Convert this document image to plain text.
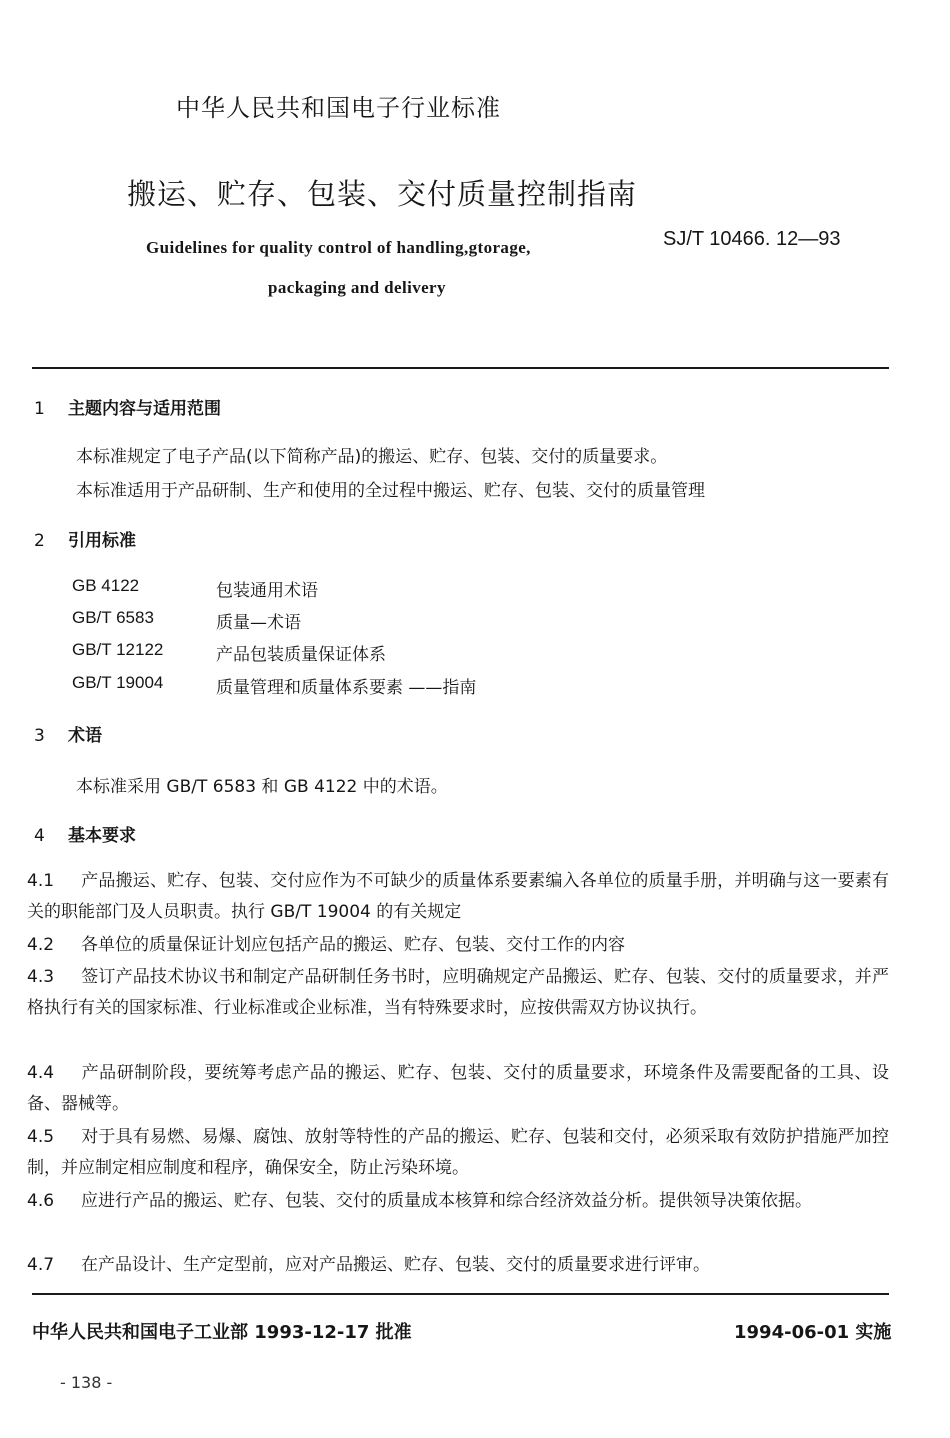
中华人民共和国电子行业标准
搬运、贮存、包装、交付质量控制指南
SJ/T 10466. 12—93
Guidelines for quality control of handling,gtorage,
packaging and delivery
1 主题内容与适用范围
本标准规定了电子产品(以下简称产品)的搬运、贮存、包装、交付的质量要求。
本标准适用于产品研制、生产和使用的全过程中搬运、贮存、包装、交付的质量管理
2 引用标准
GB 4122	包装通用术语
GB/T 6583	质量—术语
GB/T 12122	产品包装质量保证体系
GB/T 19004	质量管理和质量体系要素 ——指南
3 术语
本标准采用 GB/T 6583 和 GB 4122 中的术语。
4 基本要求
4.1 产品搬运、贮存、包装、交付应作为不可缺少的质量体系要素编入各单位的质量手册，并明确与这一要素有关的职能部门及人员职责。执行 GB/T 19004 的有关规定
4.2 各单位的质量保证计划应包括产品的搬运、贮存、包装、交付工作的内容
4.3 签订产品技术协议书和制定产品研制任务书时，应明确规定产品搬运、贮存、包装、交付的质量要求，并严格执行有关的国家标准、行业标准或企业标准，当有特殊要求时，应按供需双方协议执行。
4.4 产品研制阶段，要统筹考虑产品的搬运、贮存、包装、交付的质量要求，环境条件及需要配备的工具、设备、器械等。
4.5 对于具有易燃、易爆、腐蚀、放射等特性的产品的搬运、贮存、包装和交付，必须采取有效防护措施严加控制，并应制定相应制度和程序，确保安全，防止污染环境。
4.6 应进行产品的搬运、贮存、包装、交付的质量成本核算和综合经济效益分析。提供领导决策依据。
4.7 在产品设计、生产定型前，应对产品搬运、贮存、包装、交付的质量要求进行评审。
中华人民共和国电子工业部 1993-12-17 批准	1994-06-01 实施
- 138 -
